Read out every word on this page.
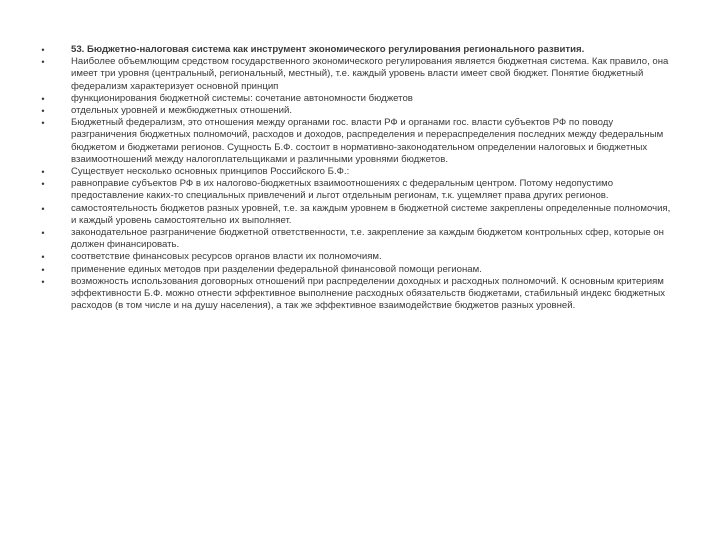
•	53. Бюджетно-налоговая система как инструмент экономического регулирования регионального развития.
•	Наиболее объемлющим средством государственного экономического регулирования является бюджетная система. Как правило, она имеет три уровня (центральный, региональный, местный), т.е. каждый уровень власти имеет свой бюджет. Понятие бюджетный федерализм характеризует основной принцип
•	функционирования бюджетной системы: сочетание автономности бюджетов
•	отдельных уровней и межбюджетных отношений.
•	Бюджетный федерализм, это отношения между органами гос. власти РФ и органами гос. власти субъектов РФ по поводу разграничения бюджетных полномочий, расходов и доходов, распределения и перераспределения последних между федеральным бюджетом и бюджетами регионов. Сущность Б.Ф. состоит в нормативно-законодательном определении налоговых и бюджетных взаимоотношений между налогоплательщиками и различными уровнями бюджетов.
•	Существует несколько основных принципов Российского Б.Ф.:
•	равноправие субъектов РФ в их налогово-бюджетных взаимоотношениях с федеральным центром. Потому недопустимо предоставление каких-то специальных привлечений и льгот отдельным регионам, т.к. ущемляет права других регионов.
•	самостоятельность бюджетов разных уровней, т.е. за каждым уровнем в бюджетной системе закреплены определенные полномочия, и каждый уровень самостоятельно их выполняет.
•	законодательное разграничение бюджетной ответственности, т.е. закрепление за каждым бюджетом контрольных сфер, которые он должен финансировать.
•	соответствие финансовых ресурсов органов власти их полномочиям.
•	применение единых методов при разделении федеральной финансовой помощи регионам.
•	возможность использования договорных отношений при распределении доходных и расходных полномочий. К основным критериям эффективности Б.Ф. можно отнести эффективное выполнение расходных обязательств бюджетами, стабильный индекс бюджетных расходов (в том числе и на душу населения), а так же эффективное взаимодействие бюджетов разных уровней.
